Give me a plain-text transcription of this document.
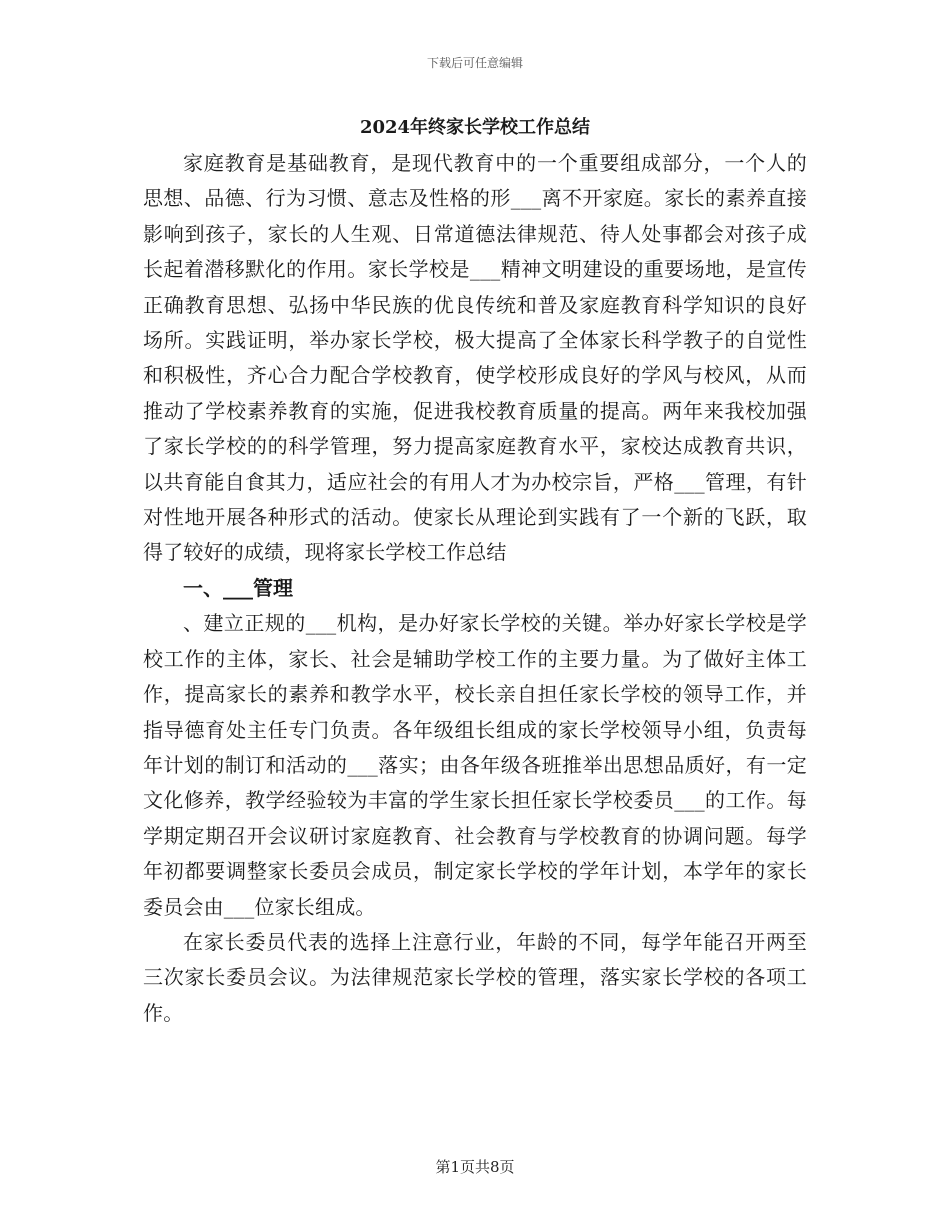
下载后可任意编辑
2024年终家长学校工作总结

家庭教育是基础教育，是现代教育中的一个重要组成部分，一个人的思想、品德、行为习惯、意志及性格的形___离不开家庭。家长的素养直接影响到孩子，家长的人生观、日常道德法律规范、待人处事都会对孩子成长起着潜移默化的作用。家长学校是___精神文明建设的重要场地，是宣传正确教育思想、弘扬中华民族的优良传统和普及家庭教育科学知识的良好场所。实践证明，举办家长学校，极大提高了全体家长科学教子的自觉性和积极性，齐心合力配合学校教育，使学校形成良好的学风与校风，从而推动了学校素养教育的实施，促进我校教育质量的提高。两年来我校加强了家长学校的的科学管理，努力提高家庭教育水平，家校达成教育共识，以共育能自食其力，适应社会的有用人才为办校宗旨，严格___管理，有针对性地开展各种形式的活动。使家长从理论到实践有了一个新的飞跃，取得了较好的成绩，现将家长学校工作总结

一、___管理

、建立正规的___机构，是办好家长学校的关键。举办好家长学校是学校工作的主体，家长、社会是辅助学校工作的主要力量。为了做好主体工作，提高家长的素养和教学水平，校长亲自担任家长学校的领导工作，并指导德育处主任专门负责。各年级组长组成的家长学校领导小组，负责每年计划的制订和活动的___落实；由各年级各班推举出思想品质好，有一定文化修养，教学经验较为丰富的学生家长担任家长学校委员___的工作。每学期定期召开会议研讨家庭教育、社会教育与学校教育的协调问题。每学年初都要调整家长委员会成员，制定家长学校的学年计划，本学年的家长委员会由___位家长组成。

在家长委员代表的选择上注意行业，年龄的不同，每学年能召开两至三次家长委员会议。为法律规范家长学校的管理，落实家长学校的各项工作。

第1页共8页
